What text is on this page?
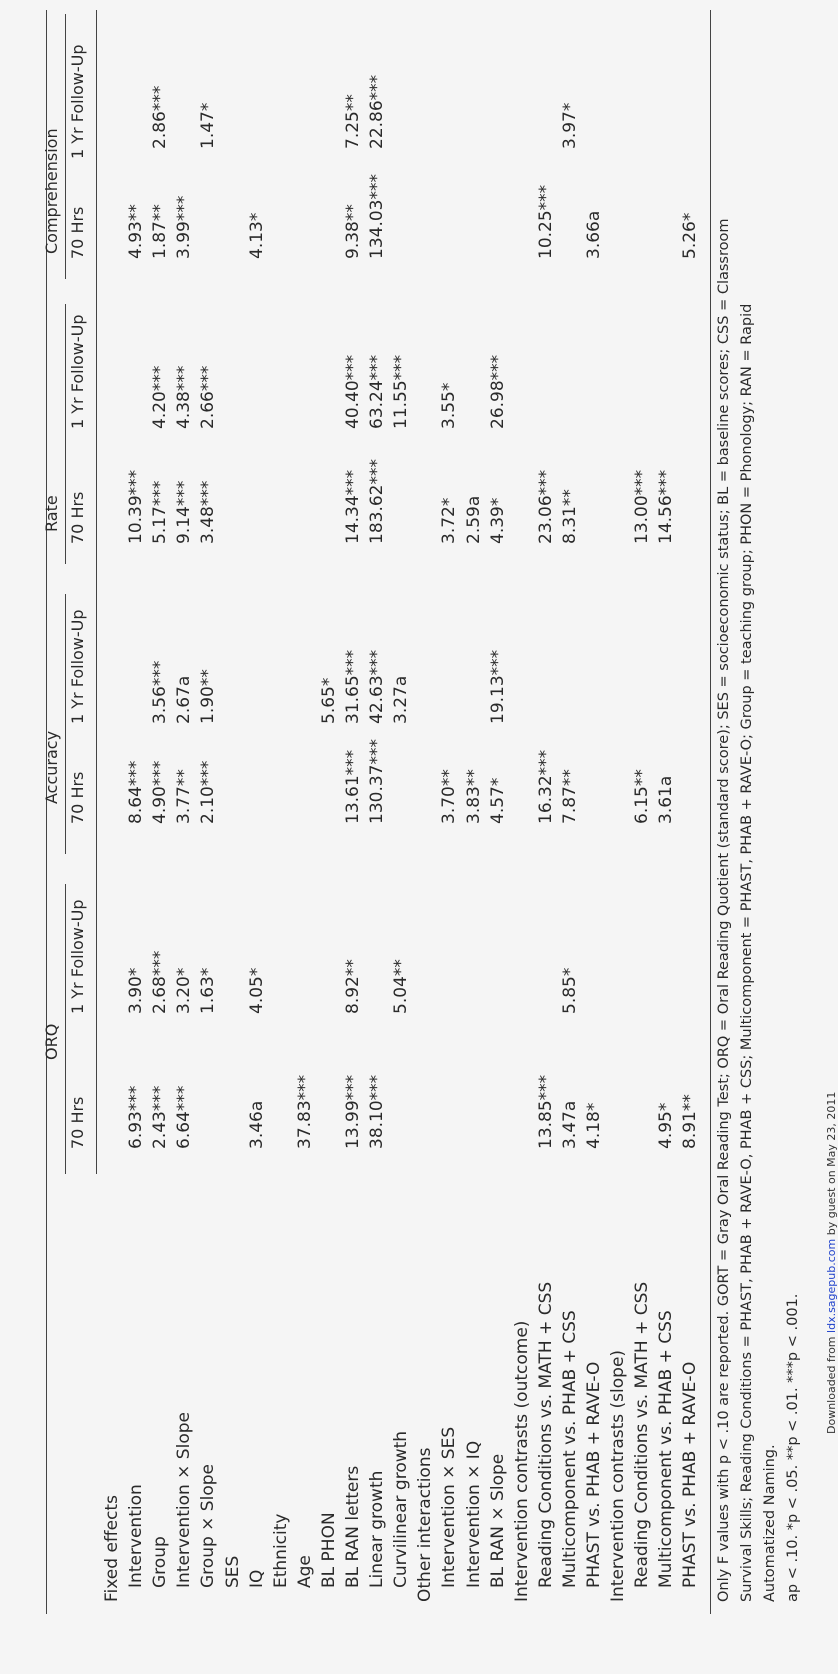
ORQ
Accuracy
Rate
Comprehension
70 Hrs
1 Yr Follow-Up
70 Hrs
1 Yr Follow-Up
70 Hrs
1 Yr Follow-Up
70 Hrs
1 Yr Follow-Up
Fixed effects Intervention
6.93***
3.90*
8.64***
10.39***
4.93**
Group
2.43***
2.68***
4.90***
3.56***
5.17***
4.20***
1.87**
2.86***
Intervention × Slope
6.64***
3.20*
3.77**
2.67a
9.14***
4.38***
3.99***
Group × Slope
1.63*
2.10***
1.90**
3.48***
2.66***
1.47*
SES IQ
3.46a
4.05*
4.13*
Ethnicity Age
37.83***
BL PHON
5.65*
BL RAN letters
13.99***
8.92**
13.61***
31.65***
14.34***
40.40***
9.38**
7.25**
Linear growth
38.10***
130.37***
42.63***
183.62***
63.24***
134.03***
22.86***
Curvilinear growth
5.04**
3.27a
11.55***
Other interactions Intervention × SES
3.70**
3.72*
3.55*
Intervention × IQ
3.83**
2.59a
BL RAN × Slope
4.57*
19.13***
4.39*
26.98***
Intervention contrasts (outcome) Reading Conditions vs. MATH + CSS
13.85***
16.32***
23.06***
10.25***
Multicomponent vs. PHAB + CSS
3.47a
5.85*
7.87**
8.31**
3.97*
PHAST vs. PHAB + RAVE-O
4.18*
3.66a
Intervention contrasts (slope) Reading Conditions vs. MATH + CSS
6.15**
13.00***
Multicomponent vs. PHAB + CSS
4.95*
3.61a
14.56***
PHAST vs. PHAB + RAVE-O
8.91**
5.26* Only F values with p < .10 are reported. GORT = Gray Oral Reading Test; ORQ = Oral Reading Quotient (standard score); SES = socioeconomic status; BL = baseline scores; CSS = Classroom Survival Skills; Reading Conditions = PHAST, PHAB + RAVE-O, PHAB + CSS; Multicomponent = PHAST, PHAB + RAVE-O; Group = teaching group; PHON = Phonology; RAN = Rapid Automatized Naming. ap < .10. *p < .05. **p < .01. ***p < .001.	Downloaded from ldx.sagepub.com by guest on May 23, 2011
